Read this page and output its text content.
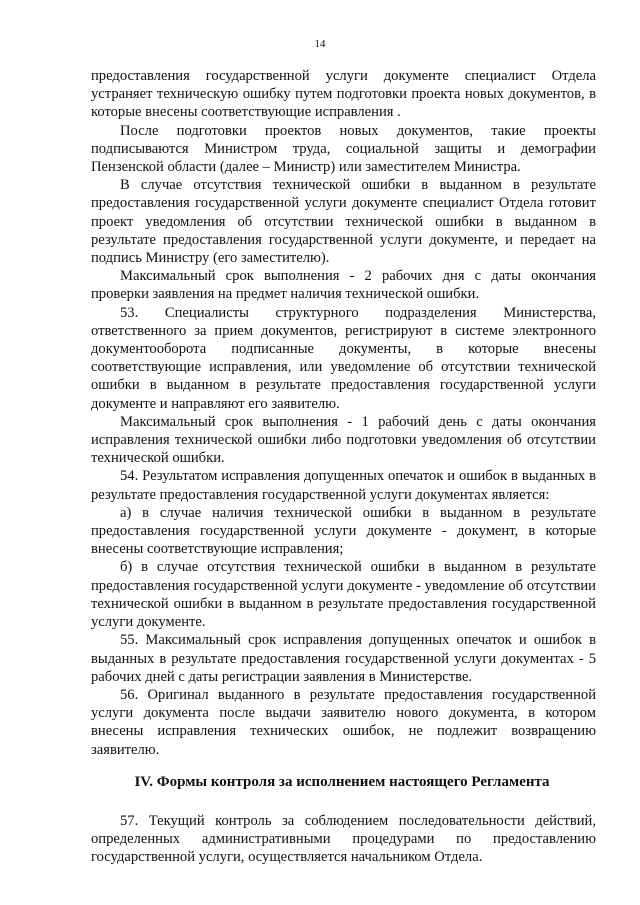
14

предоставления государственной услуги документе специалист Отдела устраняет техническую ошибку путем подготовки проекта новых документов, в которые внесены соответствующие исправления .

После подготовки проектов новых документов, такие проекты подписываются Министром труда, социальной защиты и демографии Пензенской области (далее – Министр) или заместителем Министра.

В случае отсутствия технической ошибки в выданном в результате предоставления государственной услуги документе специалист Отдела готовит проект уведомления об отсутствии технической ошибки в выданном в результате предоставления государственной услуги документе, и передает на подпись Министру (его заместителю).

Максимальный срок выполнения - 2 рабочих дня с даты окончания проверки заявления на предмет наличия технической ошибки.

53. Специалисты структурного подразделения Министерства, ответственного за прием документов, регистрируют в системе электронного документооборота подписанные документы, в которые внесены соответствующие исправления, или уведомление об отсутствии технической ошибки в выданном в результате предоставления государственной услуги документе и направляют его заявителю.

Максимальный срок выполнения - 1 рабочий день с даты окончания исправления технической ошибки либо подготовки уведомления об отсутствии технической ошибки.

54. Результатом исправления допущенных опечаток и ошибок в выданных в результате предоставления государственной услуги документах является:

а) в случае наличия технической ошибки в выданном в результате предоставления государственной услуги документе - документ, в которые внесены соответствующие исправления;

б) в случае отсутствия технической ошибки в выданном в результате предоставления государственной услуги документе - уведомление об отсутствии технической ошибки в выданном в результате предоставления государственной услуги документе.

55. Максимальный срок исправления допущенных опечаток и ошибок в выданных в результате предоставления государственной услуги документах - 5 рабочих дней с даты регистрации заявления в Министерстве.

56. Оригинал выданного в результате предоставления государственной услуги документа после выдачи заявителю нового документа, в котором внесены исправления технических ошибок, не подлежит возвращению заявителю.

IV. Формы контроля за исполнением настоящего Регламента

57. Текущий контроль за соблюдением последовательности действий, определенных административными процедурами по предоставлению государственной услуги, осуществляется начальником Отдела.
